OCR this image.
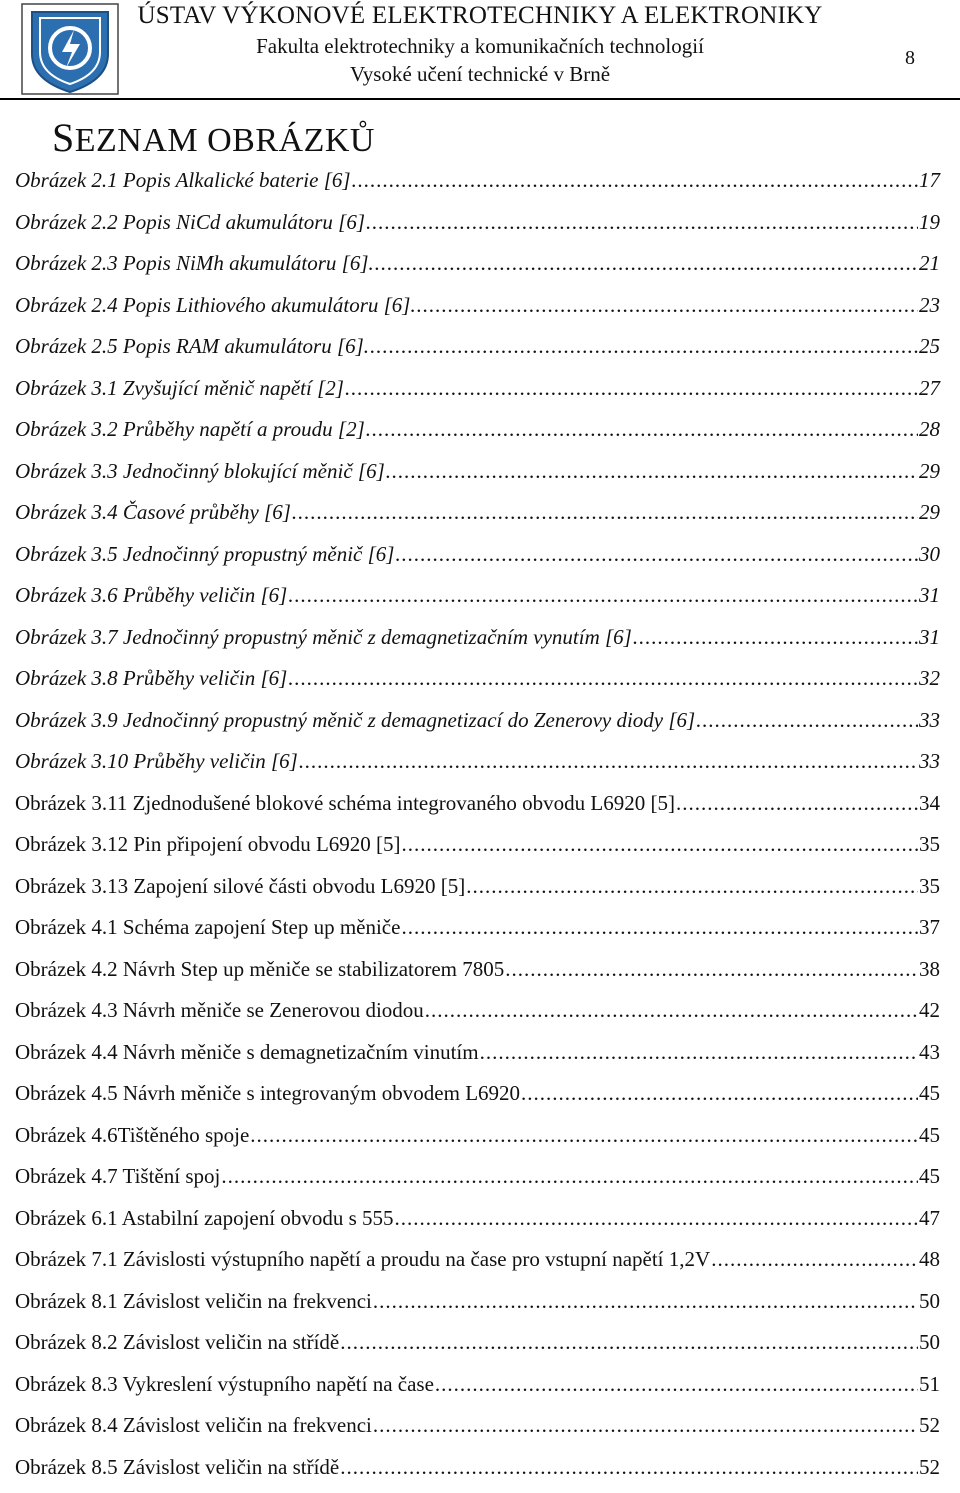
ÚSTAV VÝKONOVÉ ELEKTROTECHNIKY A ELEKTRONIKY
Fakulta elektrotechniky a komunikačních technologií
Vysoké učení technické v Brně
8
SEZNAM OBRÁZKŮ
Obrázek 2.1 Popis Alkalické baterie [6] .....	17
Obrázek 2.2 Popis NiCd akumulátoru [6] .....	19
Obrázek 2.3 Popis NiMh akumulátoru [6]. .....	21
Obrázek 2.4 Popis Lithiového akumulátoru [6]. .....	23
Obrázek 2.5 Popis RAM akumulátoru [6]. .....	25
Obrázek 3.1 Zvyšující měnič napětí [2] .....	27
Obrázek 3.2 Průběhy napětí a proudu [2] .....	28
Obrázek 3.3 Jednočinný blokující měnič [6] .....	29
Obrázek 3.4 Časové průběhy [6] .....	29
Obrázek 3.5 Jednočinný propustný měnič [6] .....	30
Obrázek 3.6 Průběhy veličin [6] .....	31
Obrázek 3.7 Jednočinný propustný měnič z demagnetizačním vynutím [6] .....	31
Obrázek 3.8 Průběhy veličin [6] .....	32
Obrázek 3.9 Jednočinný propustný měnič z demagnetizací do Zenerovy diody [6] .....	33
Obrázek 3.10 Průběhy veličin [6] .....	33
Obrázek 3.11 Zjednodušené blokové schéma integrovaného obvodu L6920 [5] .....	34
Obrázek 3.12 Pin připojení obvodu L6920 [5] .....	35
Obrázek 3.13 Zapojení silové části obvodu L6920 [5] .....	35
Obrázek 4.1 Schéma zapojení Step up měniče .....	37
Obrázek 4.2 Návrh Step up měniče se stabilizatorem 7805 .....	38
Obrázek 4.3 Návrh měniče se Zenerovou diodou .....	42
Obrázek 4.4 Návrh měniče s demagnetizačním vinutím .....	43
Obrázek 4.5 Návrh měniče s integrovaným obvodem L6920 .....	45
Obrázek 4.6Tištěného spoje .....	45
Obrázek 4.7 Tištění spoj .....	45
Obrázek 6.1 Astabilní zapojení obvodu s 555 .....	47
Obrázek 7.1 Závislosti výstupního napětí a proudu na čase pro vstupní napětí 1,2V .....	48
Obrázek 8.1 Závislost veličin na frekvenci .....	50
Obrázek 8.2 Závislost veličin na střídě .....	50
Obrázek 8.3 Vykreslení výstupního napětí na čase .....	51
Obrázek 8.4 Závislost veličin na frekvenci .....	52
Obrázek 8.5 Závislost veličin na střídě .....	52
